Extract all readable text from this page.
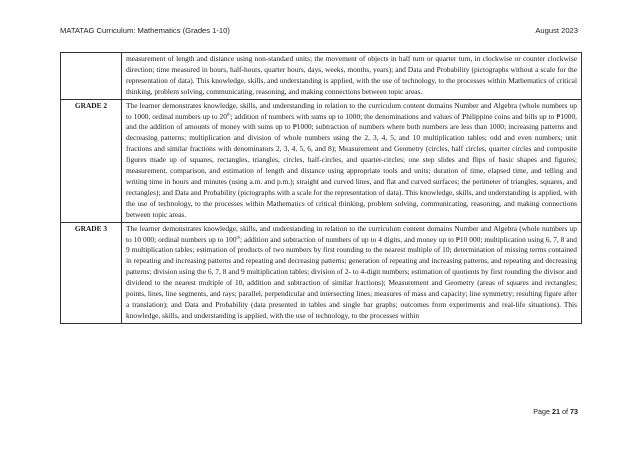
MATATAG Curriculum: Mathematics (Grades 1-10)	August 2023
	measurement of length and distance using non-standard units; the movement of objects in half turn or quarter turn, in clockwise or counter clockwise direction; time measured in hours, half-hours, quarter hours, days, weeks, months, years); and Data and Probability (pictographs without a scale for the representation of data). This knowledge, skills, and understanding is applied, with the use of technology, to the processes within Mathematics of critical thinking, problem solving, communicating, reasoning, and making connections between topic areas.
GRADE 2	The learner demonstrates knowledge, skills, and understanding in relation to the curriculum content domains Number and Algebra (whole numbers up to 1000, ordinal numbers up to 20th; addition of numbers with sums up to 1000; the denominations and values of Philippine coins and bills up to ₱1000, and the addition of amounts of money with sums up to ₱1000; subtraction of numbers where both numbers are less than 1000; increasing patterns and decreasing patterns; multiplication and division of whole numbers using the 2, 3, 4, 5, and 10 multiplication tables; odd and even numbers; unit fractions and similar fractions with denominators 2, 3, 4, 5, 6, and 8); Measurement and Geometry (circles, half circles, quarter circles and composite figures made up of squares, rectangles, triangles, circles, half-circles, and quarter-circles; one step slides and flips of basic shapes and figures; measurement, comparison, and estimation of length and distance using appropriate tools and units; duration of time, elapsed time, and telling and writing time in hours and minutes (using a.m. and p.m.); straight and curved lines, and flat and curved surfaces; the perimeter of triangles, squares, and rectangles); and Data and Probability (pictographs with a scale for the representation of data). This knowledge, skills, and understanding is applied, with the use of technology, to the processes within Mathematics of critical thinking, problem solving, communicating, reasoning, and making connections between topic areas.
GRADE 3	The learner demonstrates knowledge, skills, and understanding in relation to the curriculum content domains Number and Algebra (whole numbers up to 10 000; ordinal numbers up to 100th; addition and subtraction of numbers of up to 4 digits, and money up to ₱10 000; multiplication using 6, 7, 8 and 9 multiplication tables; estimation of products of two numbers by first rounding to the nearest multiple of 10; determination of missing terms contained in repeating and increasing patterns and repeating and decreasing patterns; generation of repeating and increasing patterns, and repeating and decreasing patterns; division using the 6, 7, 8 and 9 multiplication tables; division of 2- to 4-digit numbers; estimation of quotients by first rounding the divisor and dividend to the nearest multiple of 10, addition and subtraction of similar fractions); Measurement and Geometry (areas of squares and rectangles; points, lines, line segments, and rays; parallel, perpendicular and intersecting lines; measures of mass and capacity; line symmetry; resulting figure after a translation); and Data and Probability (data presented in tables and single bar graphs; outcomes from experiments and real-life situations). This knowledge, skills, and understanding is applied, with the use of technology, to the processes within
Page 21 of 73
